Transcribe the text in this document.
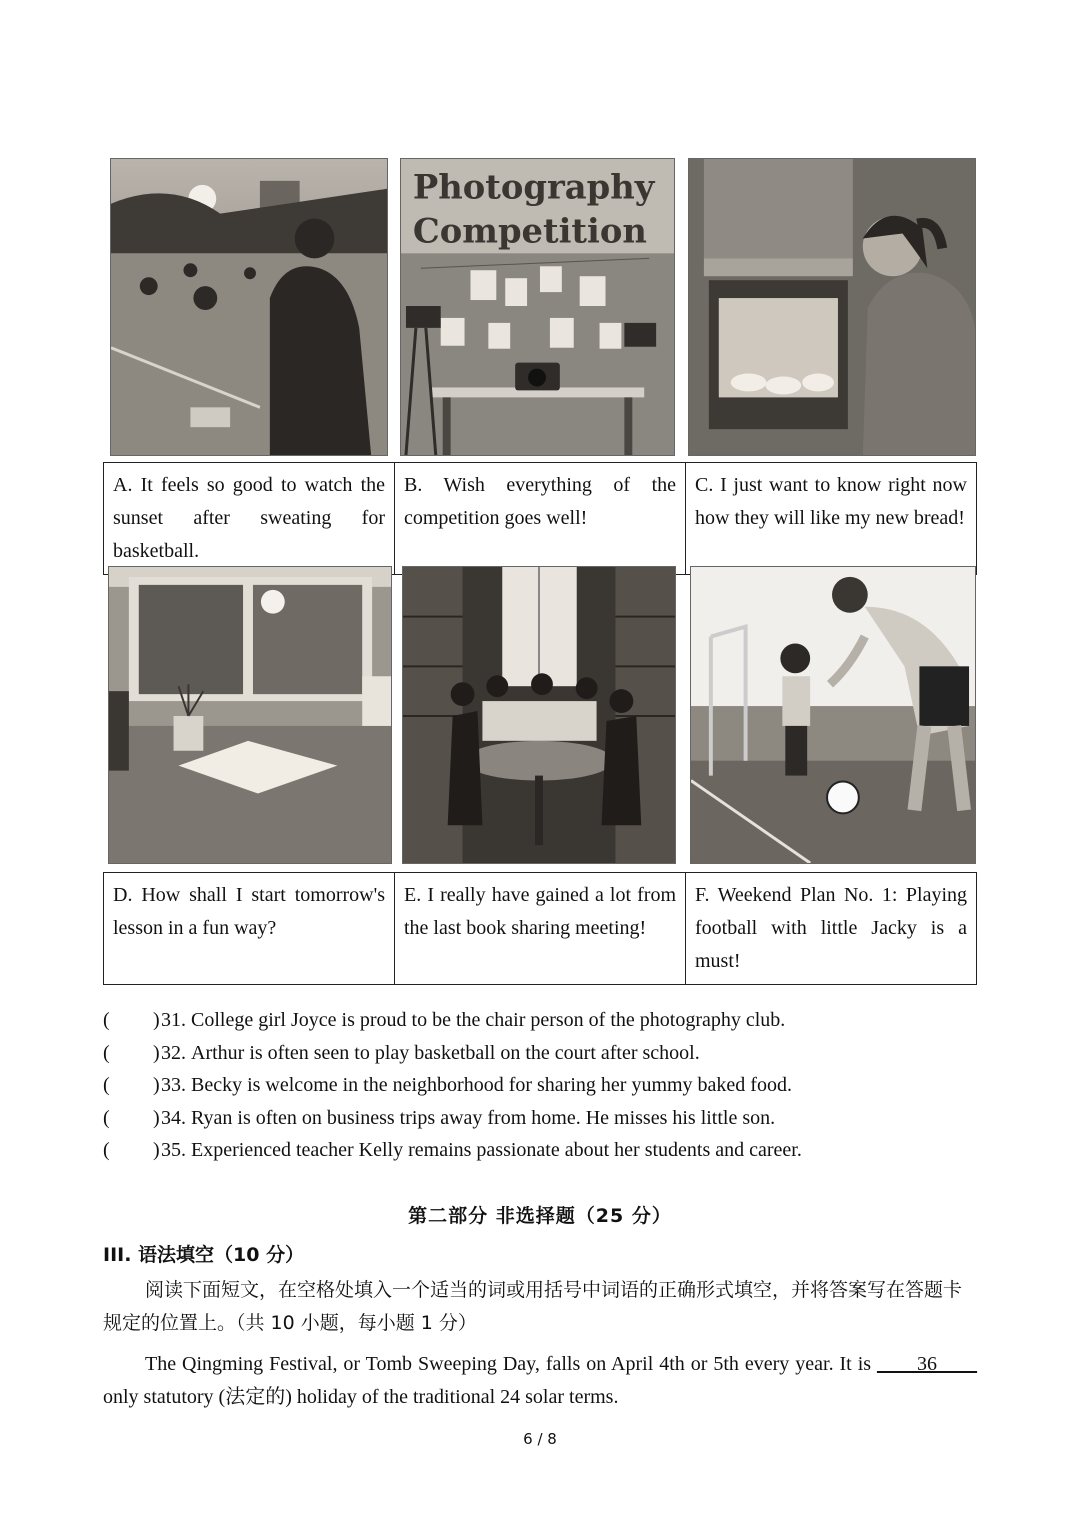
Photography
Competition
A. It feels so good to watch the sunset after sweating for basketball.	B. Wish everything of the competition goes well!	C. I just want to know right now how they will like my new bread!
D. How shall I start tomorrow's lesson in a fun way?	E. I really have gained a lot from the last book sharing meeting!	F. Weekend Plan No. 1: Playing football with little Jacky is a must!
(	) 31.
College girl Joyce is proud to be the chair person of the photography club.
(	) 32.
Arthur is often seen to play basketball on the court after school.
(	) 33.
Becky is welcome in the neighborhood for sharing her yummy baked food.
(	) 34.
Ryan is often on business trips away from home. He misses his little son.
(	) 35.
Experienced teacher Kelly remains passionate about her students and career.
第二部分 非选择题（25 分）
III. 语法填空（10 分）
阅读下面短文，在空格处填入一个适当的词或用括号中词语的正确形式填空，并将答案写在答题卡规定的位置上。（共 10 小题，每小题 1 分）
The Qingming Festival, or Tomb Sweeping Day, falls on April 4th or 5th every year. It is ____36____ only statutory (法定的) holiday of the traditional 24 solar terms.
6 / 8
